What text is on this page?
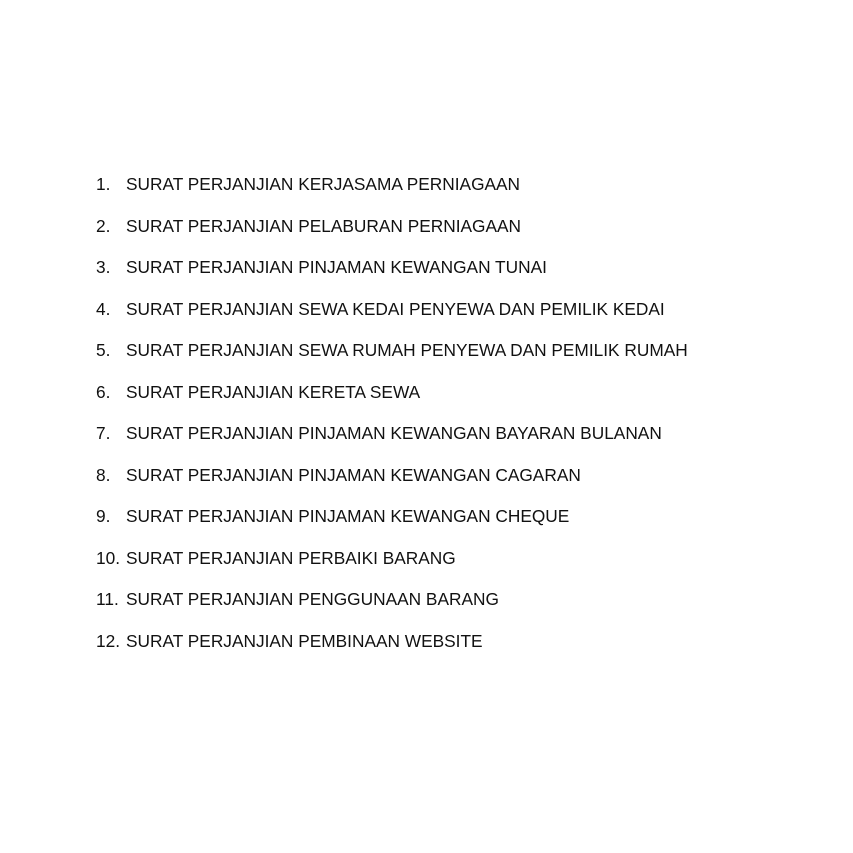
1. SURAT PERJANJIAN KERJASAMA PERNIAGAAN
2. SURAT PERJANJIAN PELABURAN PERNIAGAAN
3. SURAT PERJANJIAN PINJAMAN KEWANGAN TUNAI
4. SURAT PERJANJIAN SEWA KEDAI PENYEWA DAN PEMILIK KEDAI
5. SURAT PERJANJIAN SEWA RUMAH PENYEWA DAN PEMILIK RUMAH
6. SURAT PERJANJIAN KERETA SEWA
7. SURAT PERJANJIAN PINJAMAN KEWANGAN BAYARAN BULANAN
8. SURAT PERJANJIAN PINJAMAN KEWANGAN CAGARAN
9. SURAT PERJANJIAN PINJAMAN KEWANGAN CHEQUE
10. SURAT PERJANJIAN PERBAIKI BARANG
11. SURAT PERJANJIAN PENGGUNAAN BARANG
12. SURAT PERJANJIAN PEMBINAAN WEBSITE
